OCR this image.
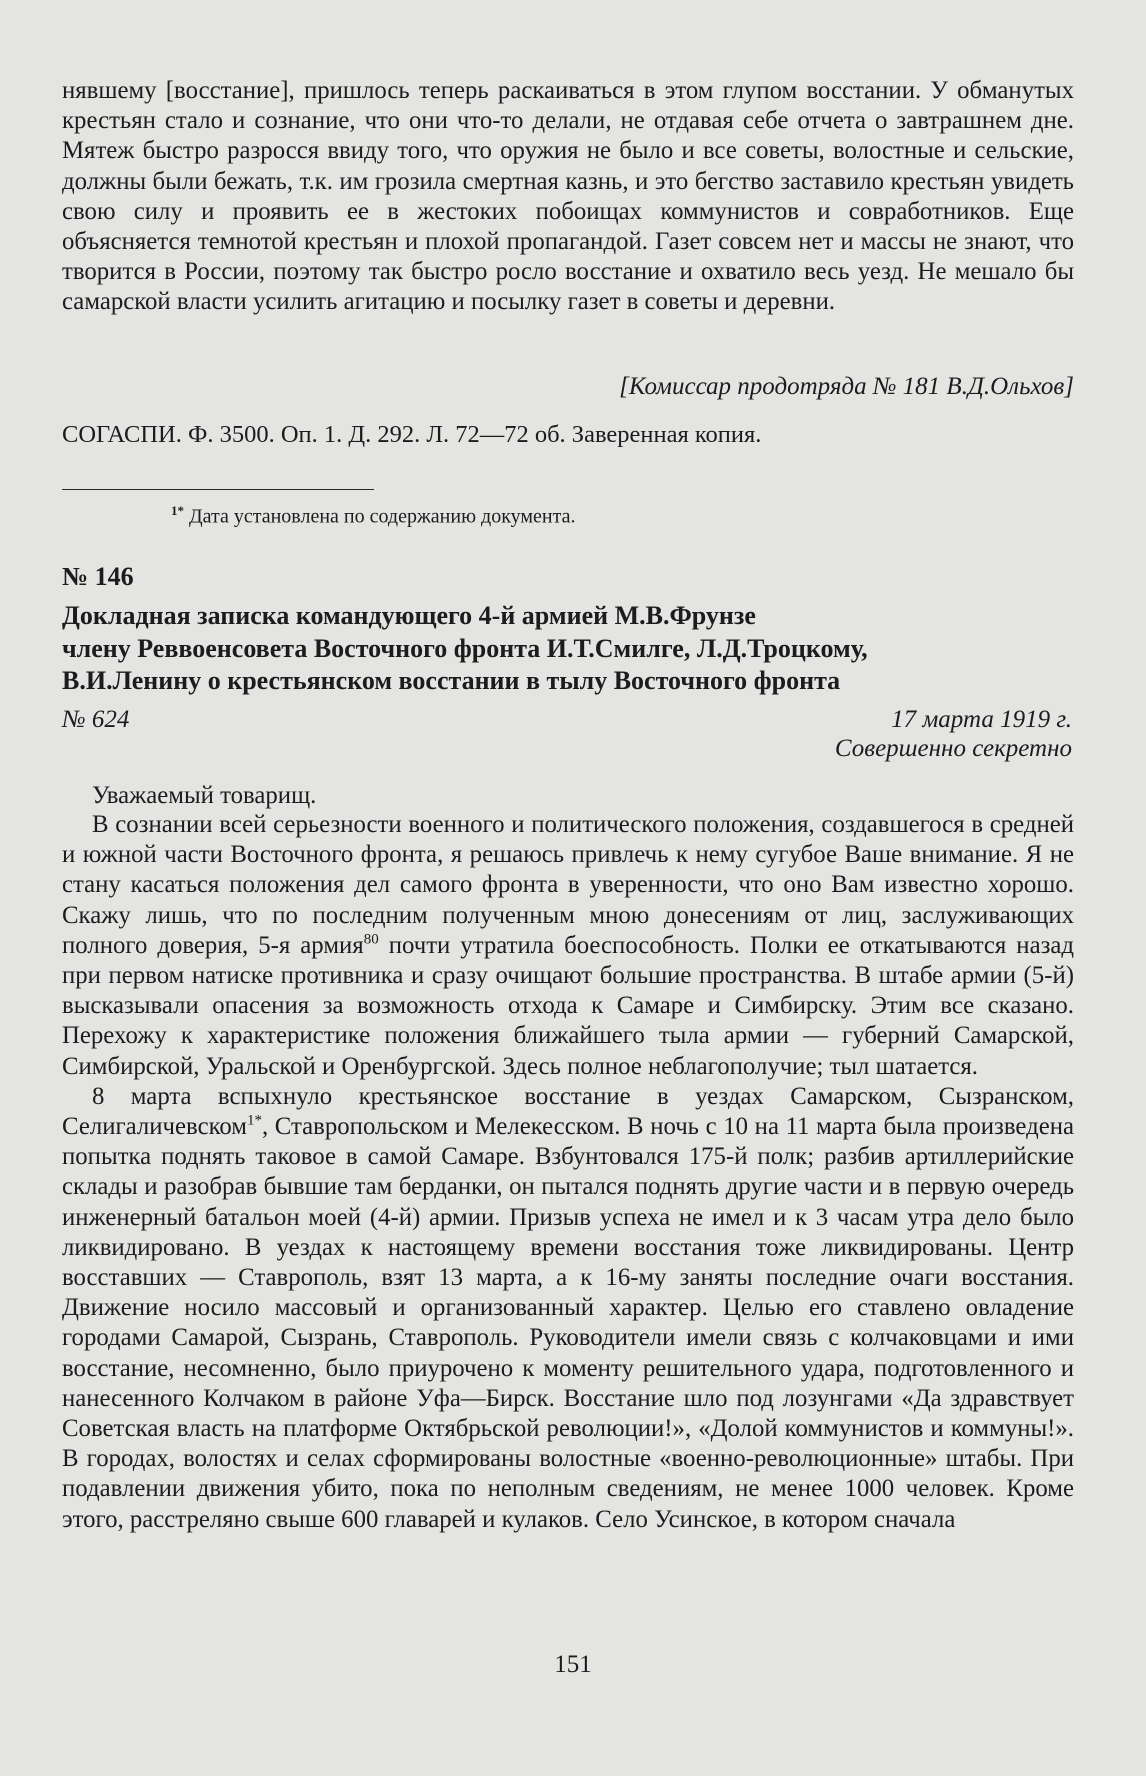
нявшему [восстание], пришлось теперь раскаиваться в этом глупом восстании. У обманутых крестьян стало и сознание, что они что-то делали, не отдавая себе отчета о завтрашнем дне. Мятеж быстро разросся ввиду того, что оружия не было и все советы, волостные и сельские, должны были бежать, т.к. им грозила смертная казнь, и это бегство заставило крестьян увидеть свою силу и проявить ее в жестоких побоищах коммунистов и совработников. Еще объясняется темнотой крестьян и плохой пропагандой. Газет совсем нет и массы не знают, что творится в России, поэтому так быстро росло восстание и охватило весь уезд. Не мешало бы самарской власти усилить агитацию и посылку газет в советы и деревни.

[Комиссар продотряда № 181 В.Д.Ольхов]
СОГАСПИ. Ф. 3500. Оп. 1. Д. 292. Л. 72—72 об. Заверенная копия.
$^{1*}$ Дата установлена по содержанию документа.
№ 146
Докладная записка командующего 4-й армией М.В.Фрунзе
члену Реввоенсовета Восточного фронта И.Т.Смилге, Л.Д.Троцкому,
В.И.Ленину о крестьянском восстании в тылу Восточного фронта
№ 624	17 марта 1919 г.
Совершенно секретно
Уважаемый товарищ.

В сознании всей серьезности военного и политического положения, создавшегося в средней и южной части Восточного фронта, я решаюсь привлечь к нему сугубое Ваше внимание. Я не стану касаться положения дел самого фронта в уверенности, что оно Вам известно хорошо. Скажу лишь, что по последним полученным мною донесениям от лиц, заслуживающих полного доверия, 5-я армия$^{80}$ почти утратила боеспособность. Полки ее откатываются назад при первом натиске противника и сразу очищают большие пространства. В штабе армии (5-й) высказывали опасения за возможность отхода к Самаре и Симбирску. Этим все сказано. Перехожу к характеристике положения ближайшего тыла армии — губерний Самарской, Симбирской, Уральской и Оренбургской. Здесь полное неблагополучие; тыл шатается.

8 марта вспыхнуло крестьянское восстание в уездах Самарском, Сызранском, Селигаличевском$^{1*}$, Ставропольском и Мелекесском. В ночь с 10 на 11 марта была произведена попытка поднять таковое в самой Самаре. Взбунтовался 175-й полк; разбив артиллерийские склады и разобрав бывшие там берданки, он пытался поднять другие части и в первую очередь инженерный батальон моей (4-й) армии. Призыв успеха не имел и к 3 часам утра дело было ликвидировано. В уездах к настоящему времени восстания тоже ликвидированы. Центр восставших — Ставрополь, взят 13 марта, а к 16-му заняты последние очаги восстания. Движение носило массовый и организованный характер. Целью его ставлено овладение городами Самарой, Сызрань, Ставрополь. Руководители имели связь с колчаковцами и ими восстание, несомненно, было приурочено к моменту решительного удара, подготовленного и нанесенного Колчаком в районе Уфа—Бирск. Восстание шло под лозунгами «Да здравствует Советская власть на платформе Октябрьской революции!», «Долой коммунистов и коммуны!». В городах, волостях и селах сформированы волостные «военно-революционные» штабы. При подавлении движения убито, пока по неполным сведениям, не менее 1000 человек. Кроме этого, расстреляно свыше 600 главарей и кулаков. Село Усинское, в котором сначала

151
